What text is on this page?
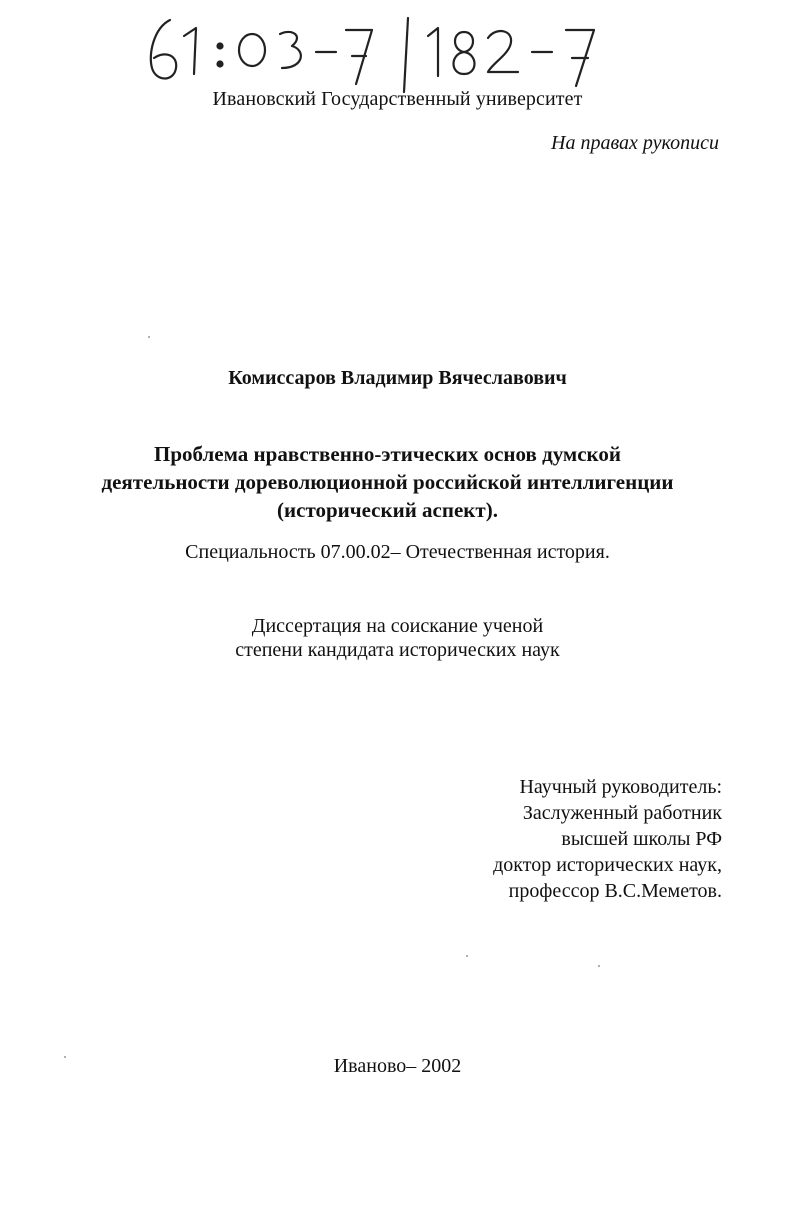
Ивановский Государственный университет
На правах рукописи
Комиссаров Владимир Вячеславович
Проблема нравственно-этических основ думской
деятельности дореволюционной российской интеллигенции
(исторический аспект).
Специальность 07.00.02– Отечественная история.
Диссертация на соискание ученой
степени кандидата исторических наук
Научный руководитель:
Заслуженный работник
высшей школы РФ
доктор исторических наук,
профессор В.С.Меметов.
Иваново– 2002
